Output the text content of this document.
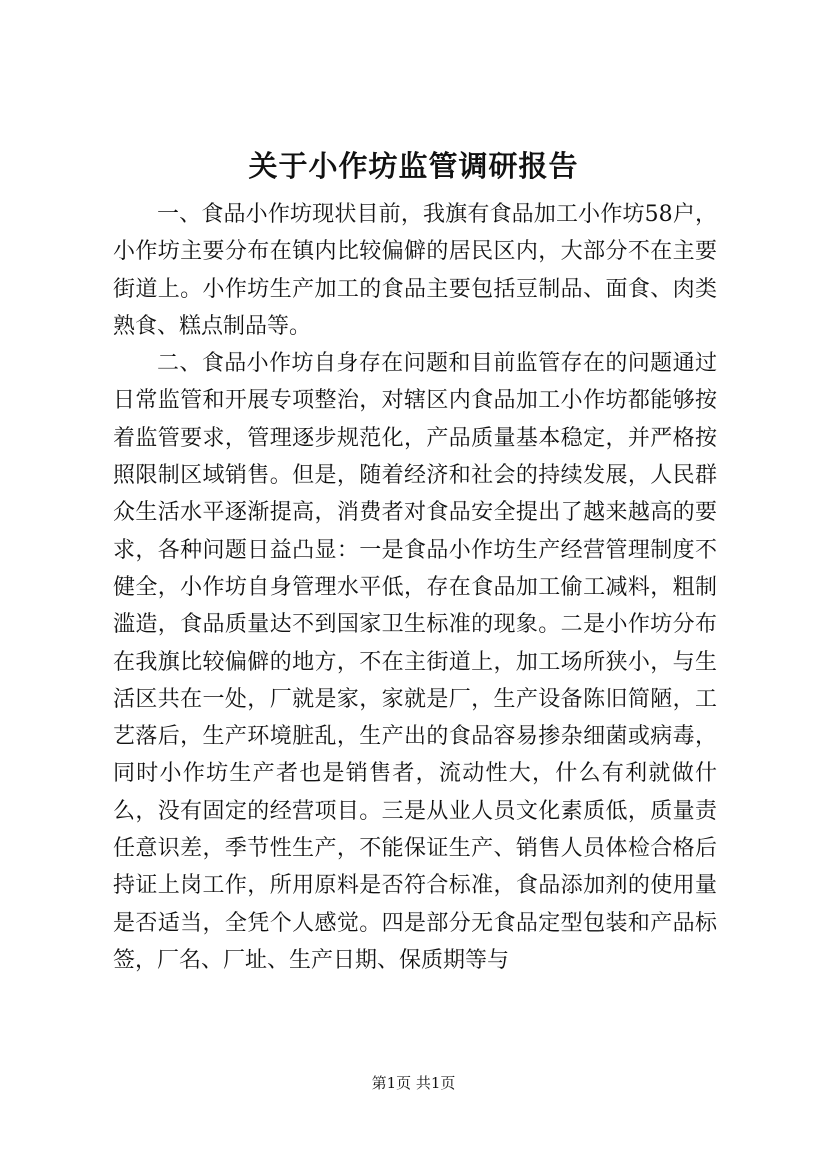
关于小作坊监管调研报告

一、食品小作坊现状目前，我旗有食品加工小作坊58户，小作坊主要分布在镇内比较偏僻的居民区内，大部分不在主要街道上。小作坊生产加工的食品主要包括豆制品、面食、肉类熟食、糕点制品等。

二、食品小作坊自身存在问题和目前监管存在的问题通过日常监管和开展专项整治，对辖区内食品加工小作坊都能够按着监管要求，管理逐步规范化，产品质量基本稳定，并严格按照限制区域销售。但是，随着经济和社会的持续发展，人民群众生活水平逐渐提高，消费者对食品安全提出了越来越高的要求，各种问题日益凸显：一是食品小作坊生产经营管理制度不健全，小作坊自身管理水平低，存在食品加工偷工减料，粗制滥造，食品质量达不到国家卫生标准的现象。二是小作坊分布在我旗比较偏僻的地方，不在主街道上，加工场所狭小，与生活区共在一处，厂就是家，家就是厂，生产设备陈旧简陋，工艺落后，生产环境脏乱，生产出的食品容易掺杂细菌或病毒，同时小作坊生产者也是销售者，流动性大，什么有利就做什么，没有固定的经营项目。三是从业人员文化素质低，质量责任意识差，季节性生产，不能保证生产、销售人员体检合格后持证上岗工作，所用原料是否符合标准，食品添加剂的使用量是否适当，全凭个人感觉。四是部分无食品定型包装和产品标签，厂名、厂址、生产日期、保质期等与

第1页 共1页
